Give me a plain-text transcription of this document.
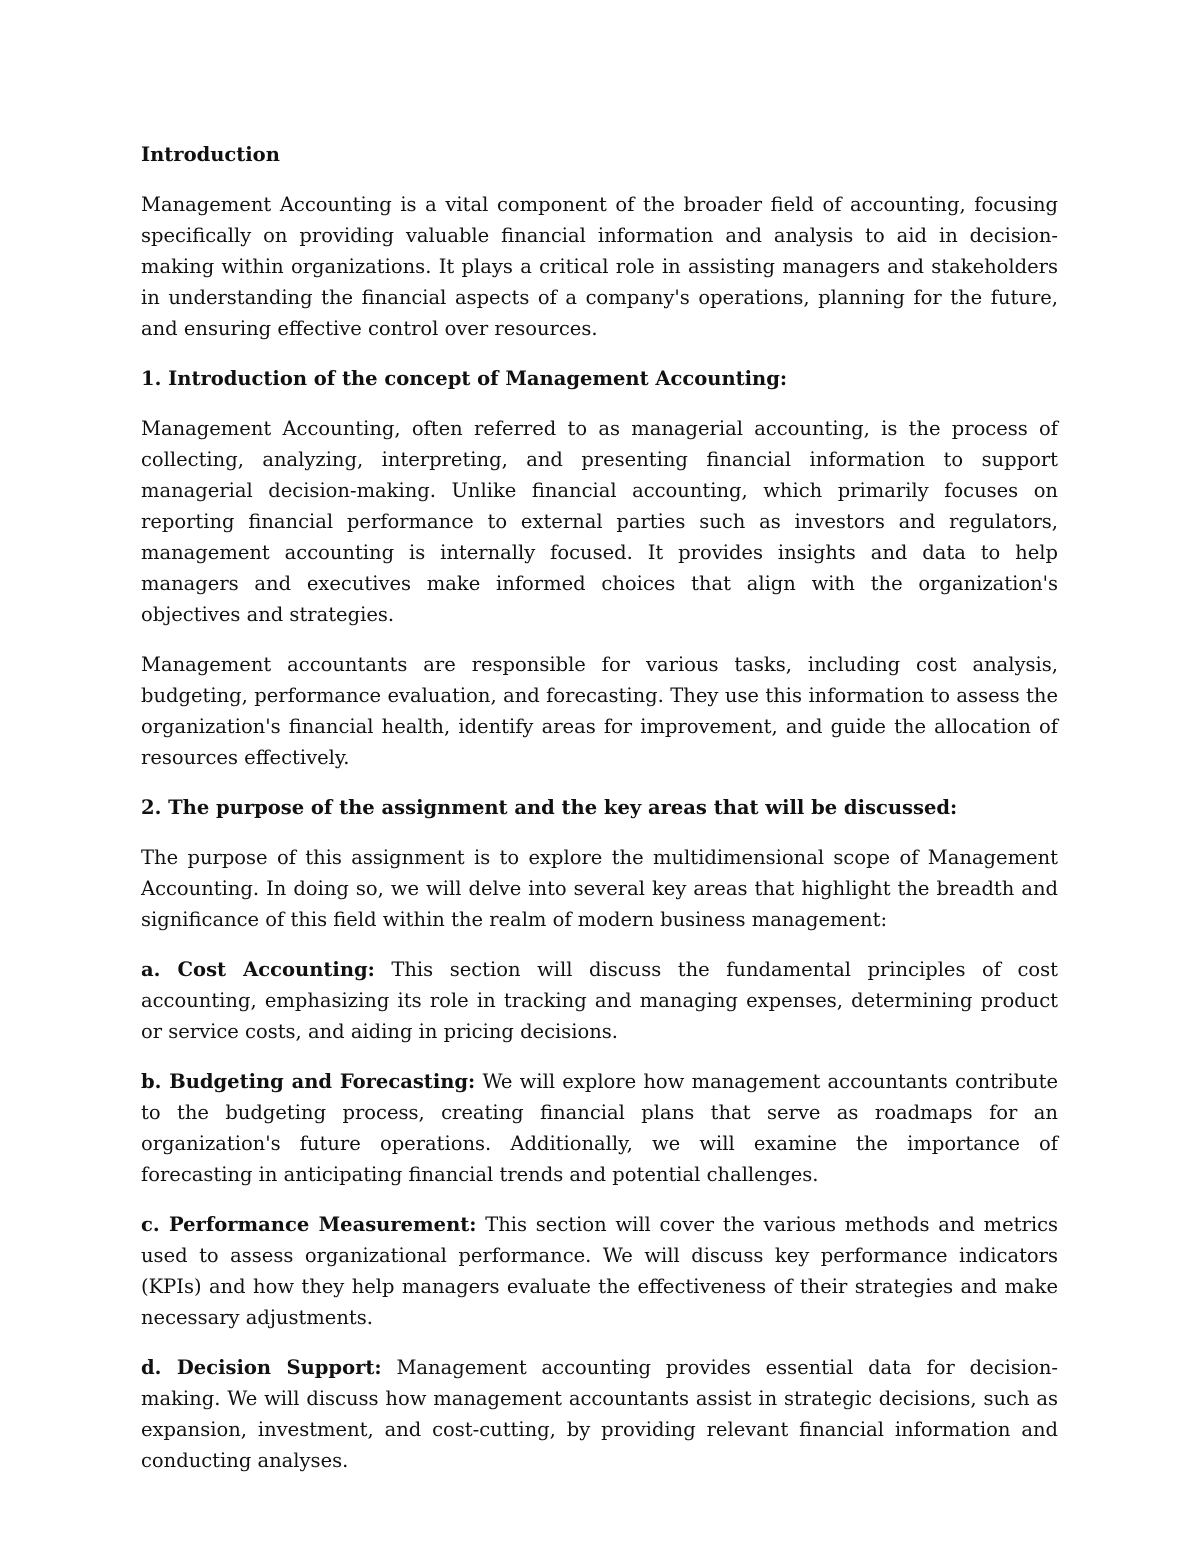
Introduction
Management Accounting is a vital component of the broader field of accounting, focusing specifically on providing valuable financial information and analysis to aid in decision-making within organizations. It plays a critical role in assisting managers and stakeholders in understanding the financial aspects of a company's operations, planning for the future, and ensuring effective control over resources.
1. Introduction of the concept of Management Accounting:
Management Accounting, often referred to as managerial accounting, is the process of collecting, analyzing, interpreting, and presenting financial information to support managerial decision-making. Unlike financial accounting, which primarily focuses on reporting financial performance to external parties such as investors and regulators, management accounting is internally focused. It provides insights and data to help managers and executives make informed choices that align with the organization's objectives and strategies.
Management accountants are responsible for various tasks, including cost analysis, budgeting, performance evaluation, and forecasting. They use this information to assess the organization's financial health, identify areas for improvement, and guide the allocation of resources effectively.
2. The purpose of the assignment and the key areas that will be discussed:
The purpose of this assignment is to explore the multidimensional scope of Management Accounting. In doing so, we will delve into several key areas that highlight the breadth and significance of this field within the realm of modern business management:
a. Cost Accounting: This section will discuss the fundamental principles of cost accounting, emphasizing its role in tracking and managing expenses, determining product or service costs, and aiding in pricing decisions.
b. Budgeting and Forecasting: We will explore how management accountants contribute to the budgeting process, creating financial plans that serve as roadmaps for an organization's future operations. Additionally, we will examine the importance of forecasting in anticipating financial trends and potential challenges.
c. Performance Measurement: This section will cover the various methods and metrics used to assess organizational performance. We will discuss key performance indicators (KPIs) and how they help managers evaluate the effectiveness of their strategies and make necessary adjustments.
d. Decision Support: Management accounting provides essential data for decision-making. We will discuss how management accountants assist in strategic decisions, such as expansion, investment, and cost-cutting, by providing relevant financial information and conducting analyses.
